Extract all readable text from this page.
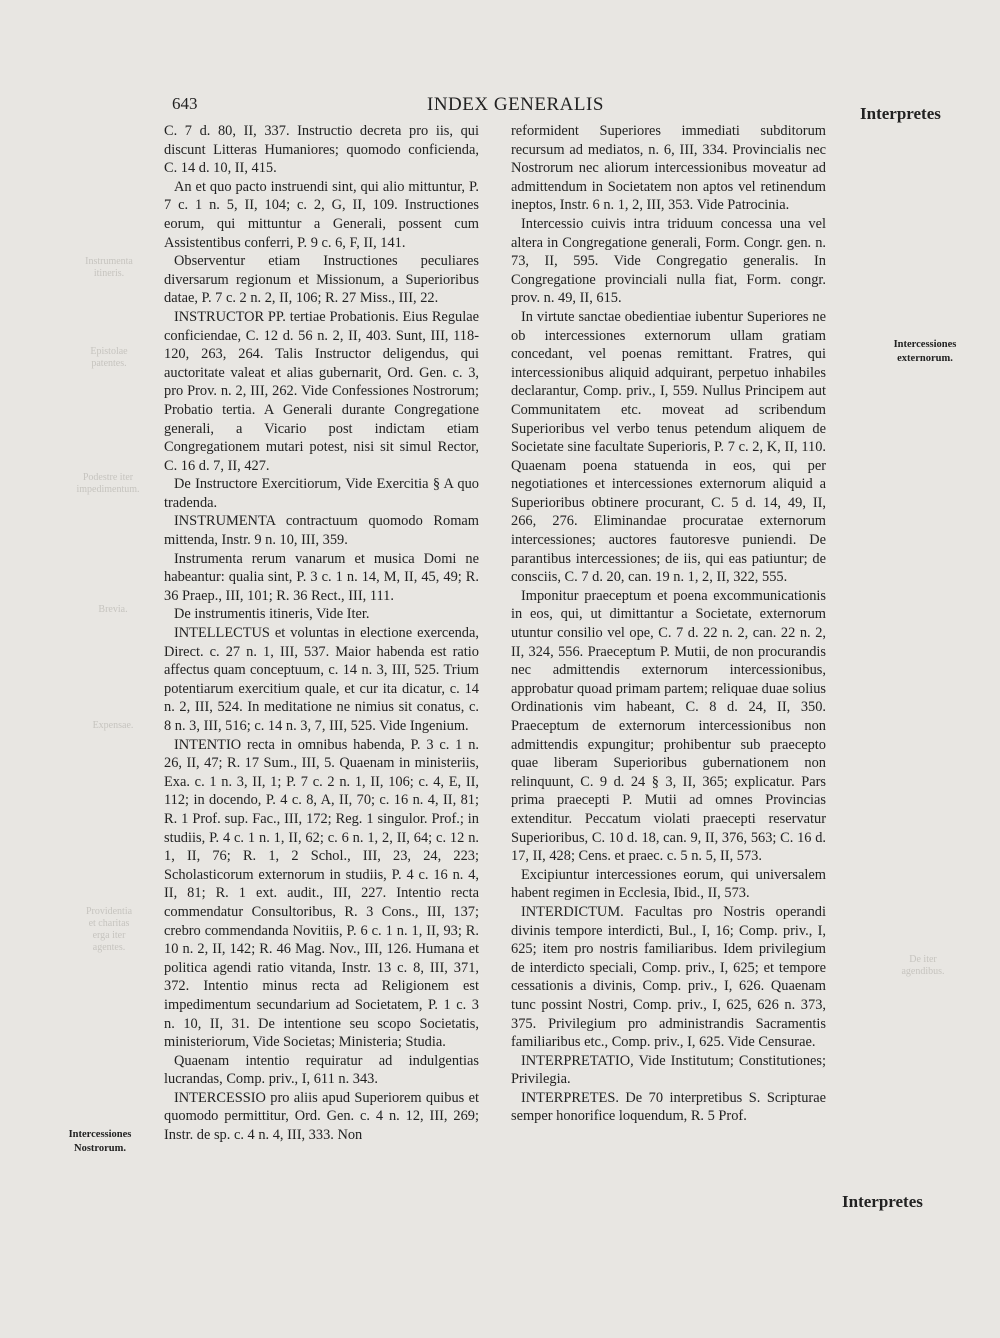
643	INDEX GENERALIS	Interpretes
Instrumenta
itineris.
Epistolae
patentes.
Podestre iter
impedimentum.
Brevia.
Expensae.
Providentia
et charitas
erga iter
agentes.
De iter
agendibus.

C. 7 d. 80, II, 337. Instructio decreta pro iis, qui discunt Litteras Humaniores; quomodo conficienda, C. 14 d. 10, II, 415.

An et quo pacto instruendi sint, qui alio mittuntur, P. 7 c. 1 n. 5, II, 104; c. 2, G, II, 109. Instructiones eorum, qui mittuntur a Generali, possent cum Assistentibus conferri, P. 9 c. 6, F, II, 141.

Observentur etiam Instructiones peculiares diversarum regionum et Missionum, a Superioribus datae, P. 7 c. 2 n. 2, II, 106; R. 27 Miss., III, 22.

INSTRUCTOR PP. tertiae Probationis. Eius Regulae conficiendae, C. 12 d. 56 n. 2, II, 403. Sunt, III, 118-120, 263, 264. Talis Instructor deligendus, qui auctoritate valeat et alias gubernarit, Ord. Gen. c. 3, pro Prov. n. 2, III, 262. Vide Confessiones Nostrorum; Probatio tertia. A Generali durante Congregatione generali, a Vicario post indictam etiam Congregationem mutari potest, nisi sit simul Rector, C. 16 d. 7, II, 427.

De Instructore Exercitiorum, Vide Exercitia § A quo tradenda.

INSTRUMENTA contractuum quomodo Romam mittenda, Instr. 9 n. 10, III, 359.

Instrumenta rerum vanarum et musica Domi ne habeantur: qualia sint, P. 3 c. 1 n. 14, M, II, 45, 49; R. 36 Praep., III, 101; R. 36 Rect., III, 111.

De instrumentis itineris, Vide Iter.

INTELLECTUS et voluntas in electione exercenda, Direct. c. 27 n. 1, III, 537. Maior habenda est ratio affectus quam conceptuum, c. 14 n. 3, III, 525. Trium potentiarum exercitium quale, et cur ita dicatur, c. 14 n. 2, III, 524. In meditatione ne nimius sit conatus, c. 8 n. 3, III, 516; c. 14 n. 3, 7, III, 525. Vide Ingenium.

INTENTIO recta in omnibus habenda, P. 3 c. 1 n. 26, II, 47; R. 17 Sum., III, 5. Quaenam in ministeriis, Exa. c. 1 n. 3, II, 1; P. 7 c. 2 n. 1, II, 106; c. 4, E, II, 112; in docendo, P. 4 c. 8, A, II, 70; c. 16 n. 4, II, 81; R. 1 Prof. sup. Fac., III, 172; Reg. 1 singulor. Prof.; in studiis, P. 4 c. 1 n. 1, II, 62; c. 6 n. 1, 2, II, 64; c. 12 n. 1, II, 76; R. 1, 2 Schol., III, 23, 24, 223; Scholasticorum externorum in studiis, P. 4 c. 16 n. 4, II, 81; R. 1 ext. audit., III, 227. Intentio recta commendatur Consultoribus, R. 3 Cons., III, 137; crebro commendanda Novitiis, P. 6 c. 1 n. 1, II, 93; R. 10 n. 2, II, 142; R. 46 Mag. Nov., III, 126. Humana et politica agendi ratio vitanda, Instr. 13 c. 8, III, 371, 372. Intentio minus recta ad Religionem est impedimentum secundarium ad Societatem, P. 1 c. 3 n. 10, II, 31. De intentione seu scopo Societatis, ministeriorum, Vide Societas; Ministeria; Studia.

Quaenam intentio requiratur ad indulgentias lucrandas, Comp. priv., I, 611 n. 343.

INTERCESSIO pro aliis apud Superiorem quibus et quomodo permittitur, Ord. Gen. c. 4 n. 12, III, 269; Instr. de sp. c. 4 n. 4, III, 333. Non

reformident Superiores immediati subditorum recursum ad mediatos, n. 6, III, 334. Provincialis nec Nostrorum nec aliorum intercessionibus moveatur ad admittendum in Societatem non aptos vel retinendum ineptos, Instr. 6 n. 1, 2, III, 353. Vide Patrocinia.

Intercessio cuivis intra triduum concessa una vel altera in Congregatione generali, Form. Congr. gen. n. 73, II, 595. Vide Congregatio generalis. In Congregatione provinciali nulla fiat, Form. congr. prov. n. 49, II, 615.

In virtute sanctae obedientiae iubentur Superiores ne ob intercessiones externorum ullam gratiam concedant, vel poenas remittant. Fratres, qui intercessionibus aliquid adquirant, perpetuo inhabiles declarantur, Comp. priv., I, 559. Nullus Principem aut Communitatem etc. moveat ad scribendum Superioribus vel verbo tenus petendum aliquem de Societate sine facultate Superioris, P. 7 c. 2, K, II, 110. Quaenam poena statuenda in eos, qui per negotiationes et intercessiones externorum aliquid a Superioribus obtinere procurant, C. 5 d. 14, 49, II, 266, 276. Eliminandae procuratae externorum intercessiones; auctores fautoresve puniendi. De parantibus intercessiones; de iis, qui eas patiuntur; de consciis, C. 7 d. 20, can. 19 n. 1, 2, II, 322, 555.

Imponitur praeceptum et poena excommunicationis in eos, qui, ut dimittantur a Societate, externorum utuntur consilio vel ope, C. 7 d. 22 n. 2, can. 22 n. 2, II, 324, 556. Praeceptum P. Mutii, de non procurandis nec admittendis externorum intercessionibus, approbatur quoad primam partem; reliquae duae solius Ordinationis vim habeant, C. 8 d. 24, II, 350. Praeceptum de externorum intercessionibus non admittendis expungitur; prohibentur sub praecepto quae liberam Superioribus gubernationem non relinquunt, C. 9 d. 24 § 3, II, 365; explicatur. Pars prima praecepti P. Mutii ad omnes Provincias extenditur. Peccatum violati praecepti reservatur Superioribus, C. 10 d. 18, can. 9, II, 376, 563; C. 16 d. 17, II, 428; Cens. et praec. c. 5 n. 5, II, 573.

Excipiuntur intercessiones eorum, qui universalem habent regimen in Ecclesia, Ibid., II, 573.

INTERDICTUM. Facultas pro Nostris operandi divinis tempore interdicti, Bul., I, 16; Comp. priv., I, 625; item pro nostris familiaribus. Idem privilegium de interdicto speciali, Comp. priv., I, 625; et tempore cessationis a divinis, Comp. priv., I, 626. Quaenam tunc possint Nostri, Comp. priv., I, 625, 626 n. 373, 375. Privilegium pro administrandis Sacramentis familiaribus etc., Comp. priv., I, 625. Vide Censurae.

INTERPRETATIO, Vide Institutum; Constitutiones; Privilegia.

INTERPRETES. De 70 interpretibus S. Scripturae semper honorifice loquendum, R. 5 Prof.

Intercessiones
externorum.
Intercessiones
Nostrorum.
Interpretes
